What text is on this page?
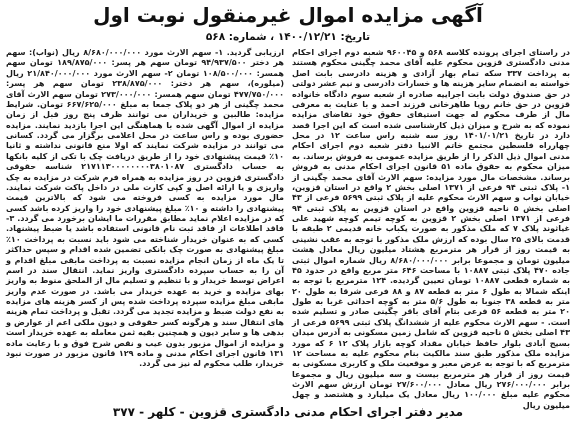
آگهی مزایده اموال غیرمنقول نوبت اول
تاریخ: ۱۴۰۰/۱۲/۲۱ ، شماره: ۵۶۸

در راستای اجرای پرونده کلاسه ۵۶۸ و ۹۶۰۰۴۵ شعبه دوم اجرای احکام مدنی دادگستری قزوین محکوم علیه آقای محمد چگینی محکوم هستند به پرداخت ۳۳۷ سکه تمام بهار آزادی و هزینه دادرسی بابت اصل خواسته به انضمام سایر هزینه ها و خسارات دادرسی و نیم عشر دولتی در حق صندوق دولت بابت اجراییه صادره از شعبه سوم دادگاه خانواده قزوین در حق خانم رویا طاهرخانی فرزند احمد و با عنایت به معرفی مال از طرف محکوم له جهت استیفای حقوق خود تقاضای مزایده نموده که به شرح و میزان ذیل کارشناسی شده است که این اجرا قصد دارد در تاریخ ۱۴۰۱/۰۱/۲۱ روز سه شنبه راس ساعت ۱۲ در محل چهارراه فلسطین مجتمع خاتم الانبیا دفتر شعبه دوم اجرای احکام مدنی اموال ذیل الذکر را از طریق مزایده عمومی به فروش برساند. به میزان محکوم به حقوق ماده ۵۱ قانون اجرای احکام مدنی به فروش برساند. مشخصات مال مورد مزایده: سهم الارث آقای محمد چگینی از ۱- پلاک ثبتی ۹۴ فرعی از ۱۳۷۱ اصلی بخش ۲ واقع در استان قزوین، خیابان نواب و سهم الارث محکوم علیه از پلاک ثبتی ۵۶۹۹ فرعی از ۴۳ اصلی بخش ۵ ناحیه قزوین واقع در استان قزوین به پلاک ثبتی ۹۴ فرعی از ۱۳۷۱ اصلی بخش ۲ قزوین به کوچه تیمم کوچه شهید علی غیاثوند پلاک ۷ که ملک مذکور به صورت یکباب خانه قدیمی ۲ طبقه با قدمت بالای ۲۵ سال بوده که ارزش ملک مذکور با توجه به عقب نشینی به قیمت روز از قرار هر مترمربع هشتاد میلیون ریال معادل هشت میلیون تومان و مجموعا برابر ۸/۶۸۰/۰۰۰/۰۰۰ ریال شماره اموال ثبتی جاده ۴۷۰ پلاک ثبتی ۱۰۸۸۷ با مساحت ۶۴۶ متر مربع واقع در حدود ۴۵ به شماره قطعی ۱۰۸۸۷ تومان تعیین گردیده. ۱۲۴ مترمربع با توجه به اینکه شمالا به طول ۶ متر به قطعه ۸۷ و ۸۸ فرعی شرقا به طول ۲۰ متر به قطعه ۳۸ جنوبا به طول ۵/۶ متر به کوچه احداثی غربا به طول ۲۰ متر به قطعه ۵۶ فرعی بتام آقای باقر چگینی صادر و تسلیم شده است. - سهم الارث محکوم علیه از ششدانگ پلاک ثبتی ۵۶۹۹ فرعی از ۴۳ اصلی بخش ۵ ناحیه قزوین که شامل زمین مسکونی به آدرس میدان بسیج آبادی بلوار حافظ خیابان مقداد کوچه بازار پلاک ۱۲ ۶ که مورد مزایده ملک مذکور طبق سند مالکیت بنام محکوم علیه به مساحت ۱۲ مترمربع که با توجه به عرض معبر و موقعیت ملک و کاربری مسکونی به قیمت روز از قرار هر مترمربع بیست و سه میلیون ریال و مجموعا برابر ۲۷۶/۰۰۰/۰۰۰ ریال معادل ۲۷/۶۰۰/۰۰۰ تومان ارزش سهم الارث محکوم علیه مبلغ ۱۰۰/۰۰۰ ریال معادل یک میلیارد و هشتصد و چهل میلیون ریال

ارزیابی گردید. ۱- سهم الارث مورد ۸/۶۸۰/۰۰۰/۰۰۰ ریال (نواب): سهم هر دختر ۹۴/۹۳۷/۵۰۰ تومان سهم هر پسر: ۱۸۹/۸۷۵/۰۰۰ تومان سهم همسر: ۱۰۸/۵۰۰/۰۰۰ تومان ۲- سهم الارث مورد ۲۱/۸۴۰/۰۰۰/۰۰۰ ریال (میلوره)، سهم هر دختر: ۲۳۸/۸۷۵/۰۰۰ تومان سهم هر پسر: ۴۷۷/۷۵۰/۰۰۰ تومان سهم همسر: ۲۷۳/۰۰۰/۰۰۰ تومان سهم الارث آقای محمد چگینی از هر دو پلاک جمعا به مبلغ ۶۶۷/۶۲۵/۰۰۰ تومان. شرایط مزایده: طالبین و خریداران می توانند ظرف پنج روز قبل از زمان مزایده از اموال آگهی شده با هماهنگی این اجرا بازدید نمایند. مزایده حضوری بوده و راس ساعت در محل اعلامی برگزار می گردد. کسانی می توانند در مزایده شرکت نمایند که اولا منع قانونی نداشته و ثانیا ۱۰٪ قیمت پیشنهادی خود را از طریق دریافت چک با تکی از کلیه بانکها به حساب دادگستری ۲۱۷۱۱۳۰۰۰۰۰۰۰۰۳۸۰۱۰۸۷ شناسه حقوقی دادگستری قزوین در روز مزایده به همراه فرم شرکت در مزایده به چک واریزی و یا ارائه اصل و کپی کارت ملی در داخل پاکت شرکت نمایند. مال مورد مزایده به کسی فروخته می شود که بالاترین قیمت پیشنهادی را داشته و ۱۰٪ مبلغ پیشنهادی خود را واریز کرده باشد کسی که در مزایده اعلام نماید مطابق مقررات ما ایشان برخورد می گردد. ۳- فاقد اطلاعات از فاقد ثبت نام قانونی استفاده باشد یا ضبط پیشنهاد. کسی که به عنوان خریدار شناخته می شود باید نسبت به پرداخت ۱۰٪ مبلغ پیشنهادی به صورت چک بانکی تضمین شده اقدام و سپس حداکثر تا یک ماه از زمان انجام مزایده نسبت به پرداخت مابقی مبلغ اقدام و آن را به حساب سپرده دادگستری واریز نماید. انتقال سند در اسم اعراض توسط خریدار و با تنظیم و تسلیم مال از الملحق منوط به واریز بهای مزایده و خرید به عهده خریدار می باشد. در صورت عدم واریز مابقی مبلغ مزایده سپرده پرداخت شده پس از کسر هزینه های مزایده به نفع دولت ضبط و مزایده تجدید می گردد. تقبل و پرداخت تمام هزینه های انتقال سند و هرگونه کسر حقوقی و دیون ملکی اعم از عوارض و بدهی ها و سایر دیون و همچنین بقیه ثمن معامله به عهده خریدار است و مزایده از اموال مزبور بدون عیب و نقص شرح فوق و با رعایت ماده ۱۳۱ قانون اجرای احکام مدنی و ماده ۱۲۹ قانون مزبور در صورت نبود خریدار، طلب محکوم له نیز می گردد.

مدیر دفتر اجرای احکام مدنی دادگستری قزوین - کلهر - ۳۷۷
